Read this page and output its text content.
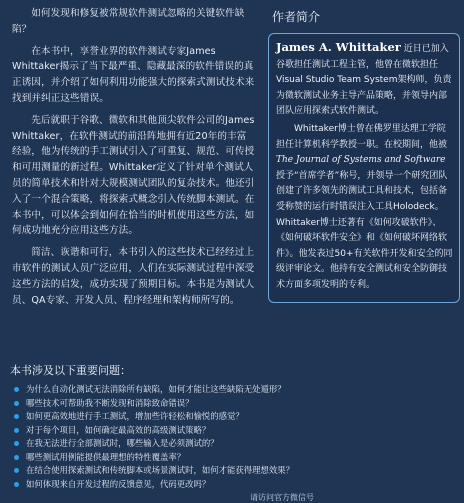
如何发现和修复被常规软件测试忽略的关键软件缺陷？

在本书中，享誉业界的软件测试专家James Whittaker揭示了当下最严重、隐藏最深的软件错误的真正诱因，并介绍了如何利用功能强大的探索式测试技术来找到并纠正这些错误。

先后就职于谷歌、微软和其他顶尖软件公司的James Whittaker，在软件测试的前沿阵地拥有近20年的丰富经验，他为传统的手工测试引入了可重复、规范、可传授和可用测量的新过程。Whittaker定义了针对单个测试人员的简单技术和针对大规模测试团队的复杂技术。他还引入了一个混合策略，将探索式概念引入传统脚本测试。在本书中，可以体会到如何在恰当的时机使用这些方法，如何成功地充分应用这些方法。

简洁、诙谐和可行，本书引入的这些技术已经经过上市软件的测试人员广泛应用，人们在实际测试过程中深受这些方法的启发，成功实现了预期目标。本书是为测试人员、QA专家、开发人员、程序经理和架构师所写的。

作者简介

James A. Whittaker 近日已加入谷歌担任测试工程主管，他曾在微软担任Visual Studio Team System架构师，负责为微软测试业务主导产品策略，并领导内部团队应用探索式软件测试。

Whittaker博士曾在佛罗里达理工学院担任计算机科学教授一职。在校期间，他被The Journal of Systems and Software授予“首席学者”称号，并领导一个研究团队创建了许多领先的测试工具和技术，包括备受称赞的运行时错误注入工具Holodeck。Whittaker博士还著有《如何攻破软件》、《如何破坏软件安全》和《如何破坏网络软件》。他发表过50+有关软件开发和安全的同级评审论文。他持有安全测试和安全防御技术方面多项发明的专利。

本书涉及以下重要问题：
为什么自动化测试无法消除所有缺陷，如何才能让这些缺陷无处遁形？
哪些技术可帮助我不断发现和消除致命错误？
如何更高效地进行手工测试，增加些许轻松和愉悦的感觉？
对于每个项目，如何确定最高效的高级测试策略？
在我无法进行全部测试时，哪些输入是必须测试的？
哪些测试用例能提供最理想的特性覆盖率？
在结合使用探索测试和传统脚本或场景测试时，如何才能获得理想效果？
如何体现来自开发过程的反馈意见，代码更改吗？
请访问官方微信号
